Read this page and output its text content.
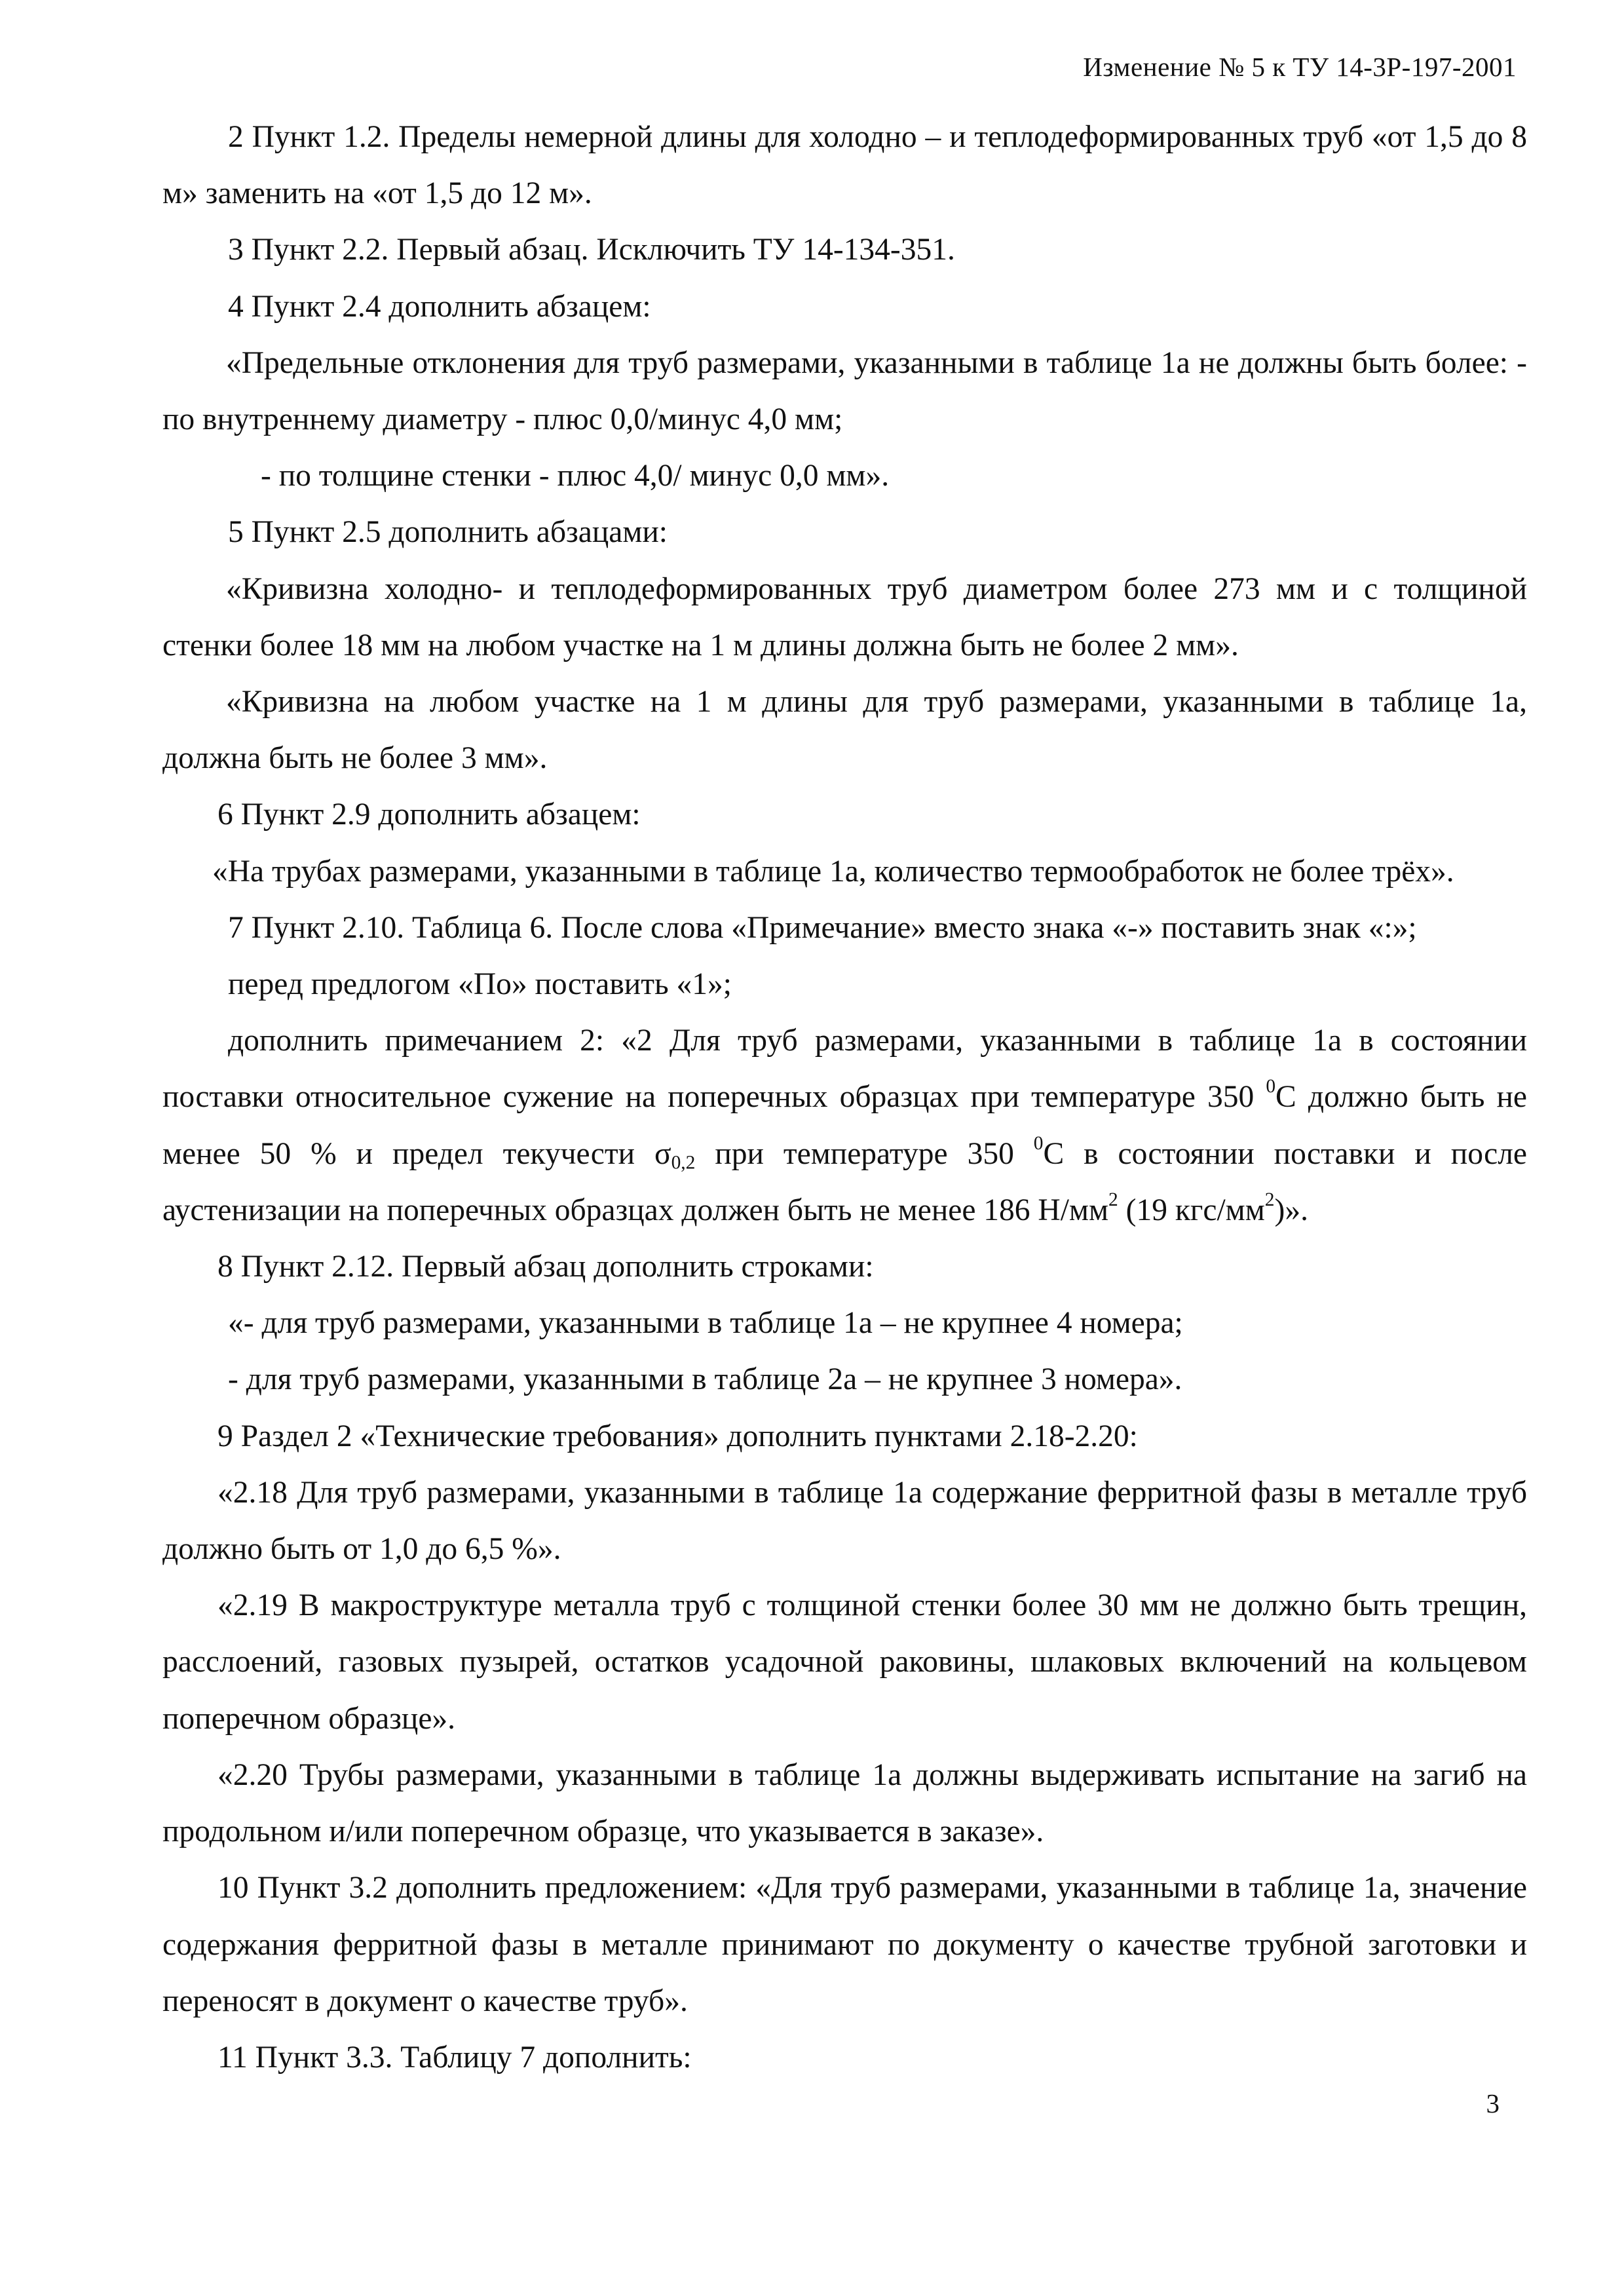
Изменение № 5 к ТУ 14-3Р-197-2001

2 Пункт 1.2. Пределы немерной длины для холодно – и теплодеформированных труб «от 1,5 до 8 м» заменить на «от 1,5 до 12 м».

3 Пункт 2.2. Первый абзац. Исключить ТУ 14-134-351.

4 Пункт 2.4 дополнить абзацем:

«Предельные отклонения для труб размерами, указанными в таблице 1а не должны быть более: - по внутреннему диаметру - плюс 0,0/минус 4,0 мм;

- по толщине стенки - плюс 4,0/ минус 0,0 мм».

5 Пункт 2.5 дополнить абзацами:

«Кривизна холодно- и теплодеформированных труб диаметром более 273 мм и с толщиной стенки более 18 мм на любом участке на 1 м длины должна быть не более 2 мм».

«Кривизна на любом участке на 1 м длины для труб размерами, указанными в таблице 1а, должна быть не более 3 мм».

6 Пункт 2.9 дополнить абзацем:

«На трубах размерами, указанными в таблице 1а, количество термообработок не более трёх».

7 Пункт 2.10. Таблица 6. После слова «Примечание» вместо знака «-» поставить знак «:»;

перед предлогом «По» поставить «1»;

дополнить примечанием 2: «2 Для труб размерами, указанными в таблице 1а в состоянии поставки относительное сужение на поперечных образцах при температуре 350 $^0$С должно быть не менее 50 % и предел текучести $\sigma_{0,2}$ при температуре 350 $^0$С в состоянии поставки и после аустенизации на поперечных образцах должен быть не менее 186 $Н/мм^2$ (19 кгс/$мм^2$)».

8 Пункт 2.12. Первый абзац дополнить строками:

«- для труб размерами, указанными в таблице 1а – не крупнее 4 номера;

- для труб размерами, указанными в таблице 2а – не крупнее 3 номера».

9 Раздел 2 «Технические требования» дополнить пунктами 2.18-2.20:

«2.18 Для труб размерами, указанными в таблице 1а содержание ферритной фазы в металле труб должно быть от 1,0 до 6,5 %».

«2.19 В макроструктуре металла труб с толщиной стенки более 30 мм не должно быть трещин, расслоений, газовых пузырей, остатков усадочной раковины, шлаковых включений на кольцевом поперечном образце».

«2.20 Трубы размерами, указанными в таблице 1а должны выдерживать испытание на загиб на продольном и/или поперечном образце, что указывается в заказе».

10 Пункт 3.2 дополнить предложением: «Для труб размерами, указанными в таблице 1а, значение содержания ферритной фазы в металле принимают по документу о качестве трубной заготовки и переносят в документ о качестве труб».

11 Пункт 3.3. Таблицу 7 дополнить:

3
